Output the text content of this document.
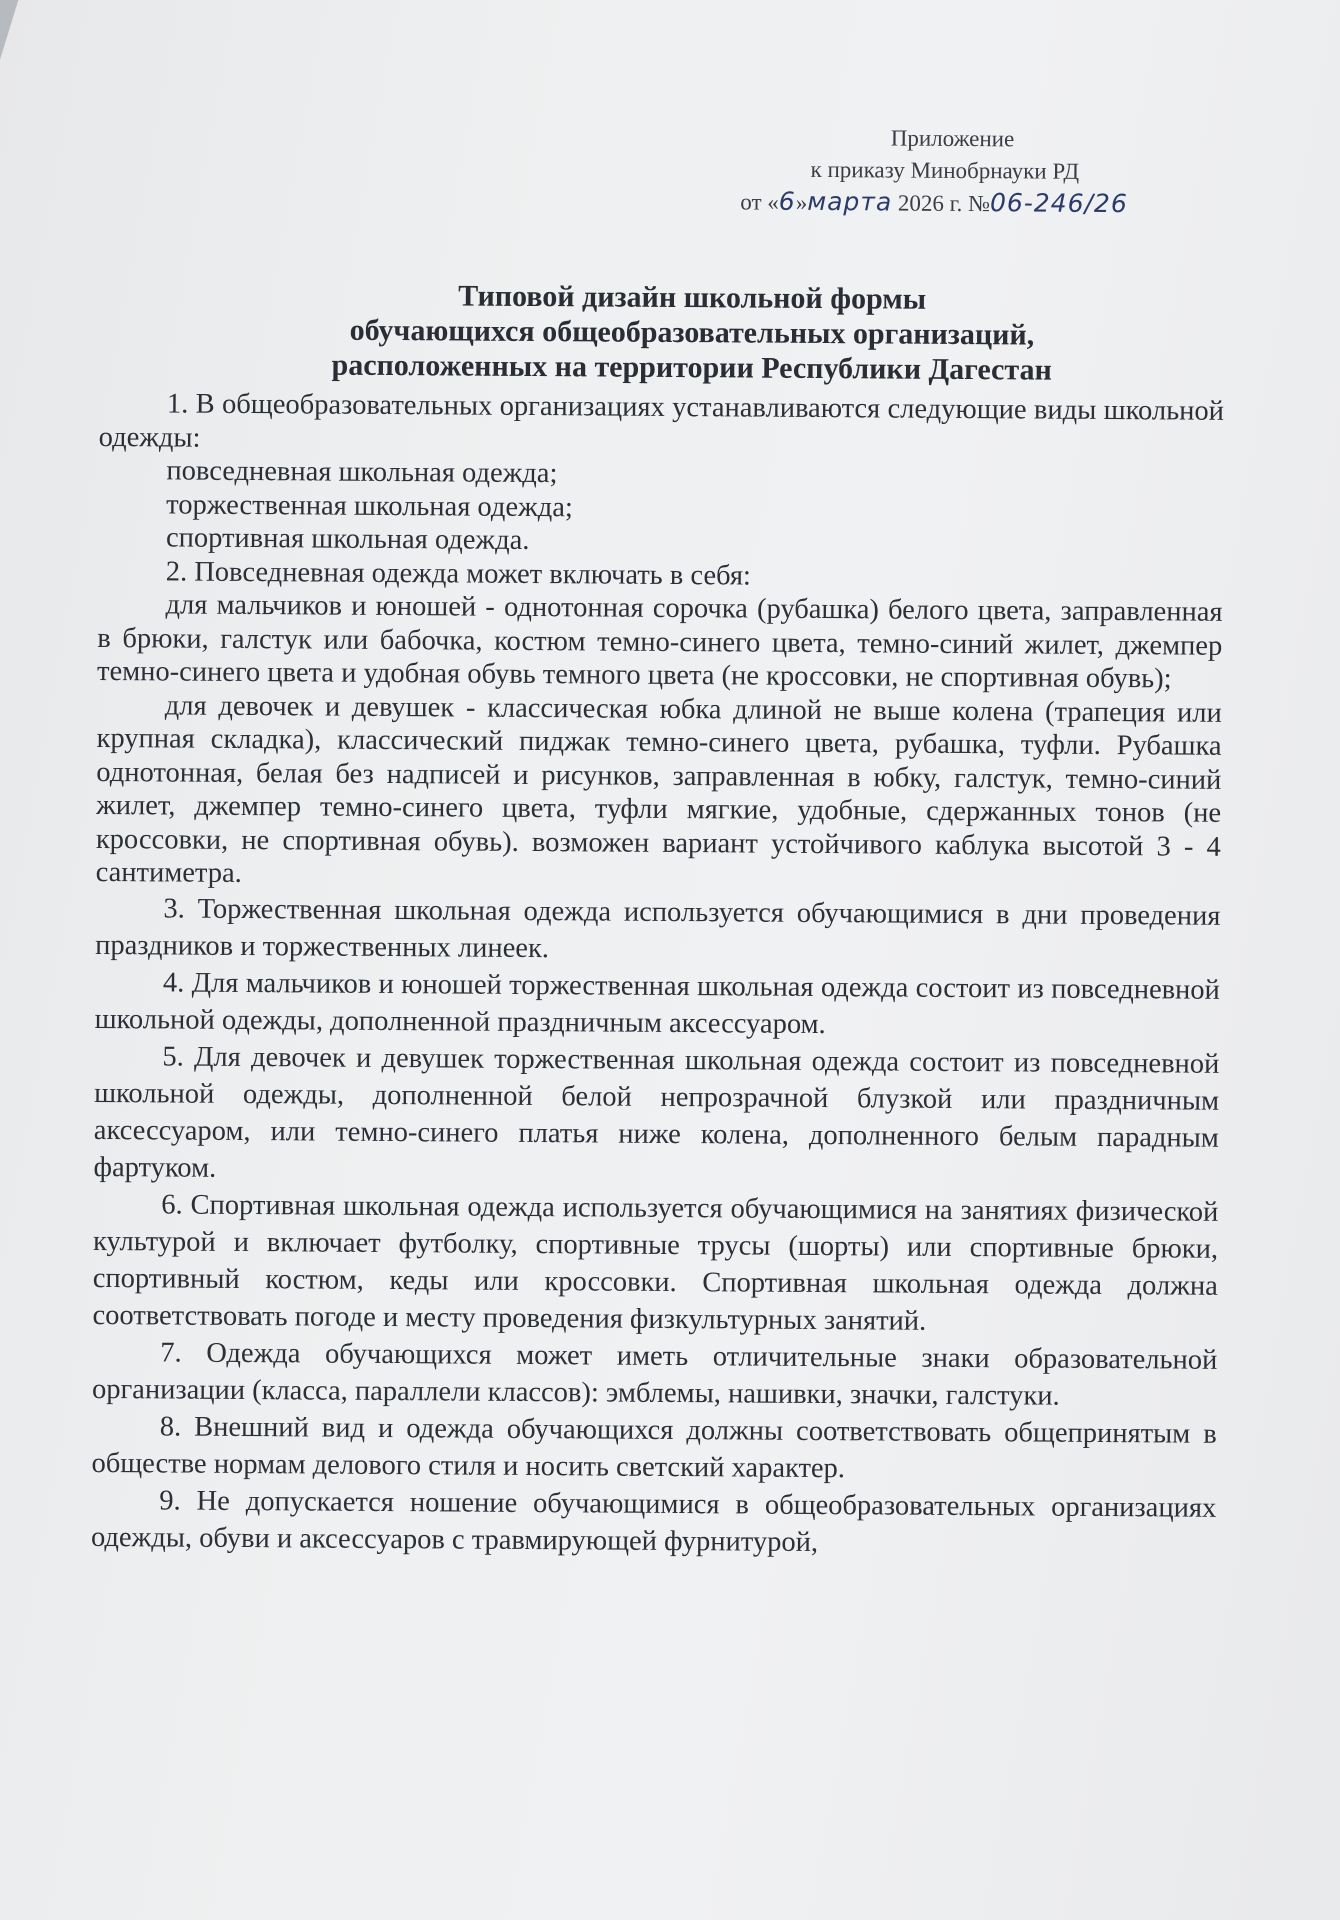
Приложение
к приказу Минобрнауки РД
от «6»марта 2026 г. №06-246/26
Типовой дизайн школьной формы
обучающихся общеобразовательных организаций,
расположенных на территории Республики Дагестан

1. В общеобразовательных организациях устанавливаются следующие виды школьной одежды:

повседневная школьная одежда;

торжественная школьная одежда;

спортивная школьная одежда.

2. Повседневная одежда может включать в себя:

для мальчиков и юношей - однотонная сорочка (рубашка) белого цвета, заправленная в брюки, галстук или бабочка, костюм темно-синего цвета, темно-синий жилет, джемпер темно-синего цвета и удобная обувь темного цвета (не кроссовки, не спортивная обувь);

для девочек и девушек - классическая юбка длиной не выше колена (трапеция или крупная складка), классический пиджак темно-синего цвета, рубашка, туфли. Рубашка однотонная, белая без надписей и рисунков, заправленная в юбку, галстук, темно-синий жилет, джемпер темно-синего цвета, туфли мягкие, удобные, сдержанных тонов (не кроссовки, не спортивная обувь). возможен вариант устойчивого каблука высотой 3 - 4 сантиметра.

3. Торжественная школьная одежда используется обучающимися в дни проведения праздников и торжественных линеек.

4. Для мальчиков и юношей торжественная школьная одежда состоит из повседневной школьной одежды, дополненной праздничным аксессуаром.

5. Для девочек и девушек торжественная школьная одежда состоит из повседневной школьной одежды, дополненной белой непрозрачной блузкой или праздничным аксессуаром, или темно-синего платья ниже колена, дополненного белым парадным фартуком.

6. Спортивная школьная одежда используется обучающимися на занятиях физической культурой и включает футболку, спортивные трусы (шорты) или спортивные брюки, спортивный костюм, кеды или кроссовки. Спортивная школьная одежда должна соответствовать погоде и месту проведения физкультурных занятий.

7. Одежда обучающихся может иметь отличительные знаки образовательной организации (класса, параллели классов): эмблемы, нашивки, значки, галстуки.

8. Внешний вид и одежда обучающихся должны соответствовать общепринятым в обществе нормам делового стиля и носить светский характер.

9. Не допускается ношение обучающимися в общеобразовательных организациях одежды, обуви и аксессуаров с травмирующей фурнитурой,
